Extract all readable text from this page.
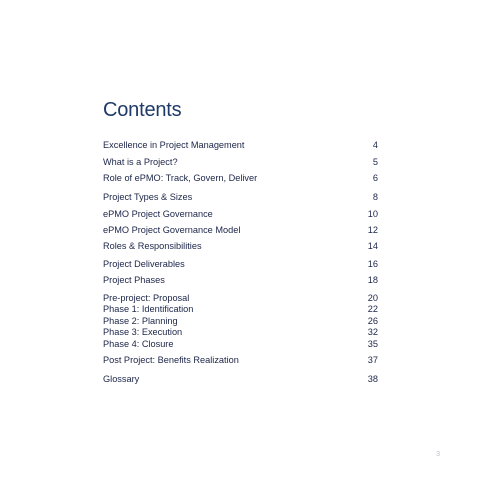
Contents
Excellence in Project Management	4
What is a Project?	5
Role of ePMO: Track, Govern, Deliver	6
Project Types & Sizes	8
ePMO Project Governance	10
ePMO Project Governance Model	12
Roles & Responsibilities	14
Project Deliverables	16
Project Phases	18
Pre-project: Proposal	20
Phase 1: Identification	22
Phase 2: Planning	26
Phase 3: Execution	32
Phase 4: Closure	35
Post Project: Benefits Realization	37
Glossary	38
3
